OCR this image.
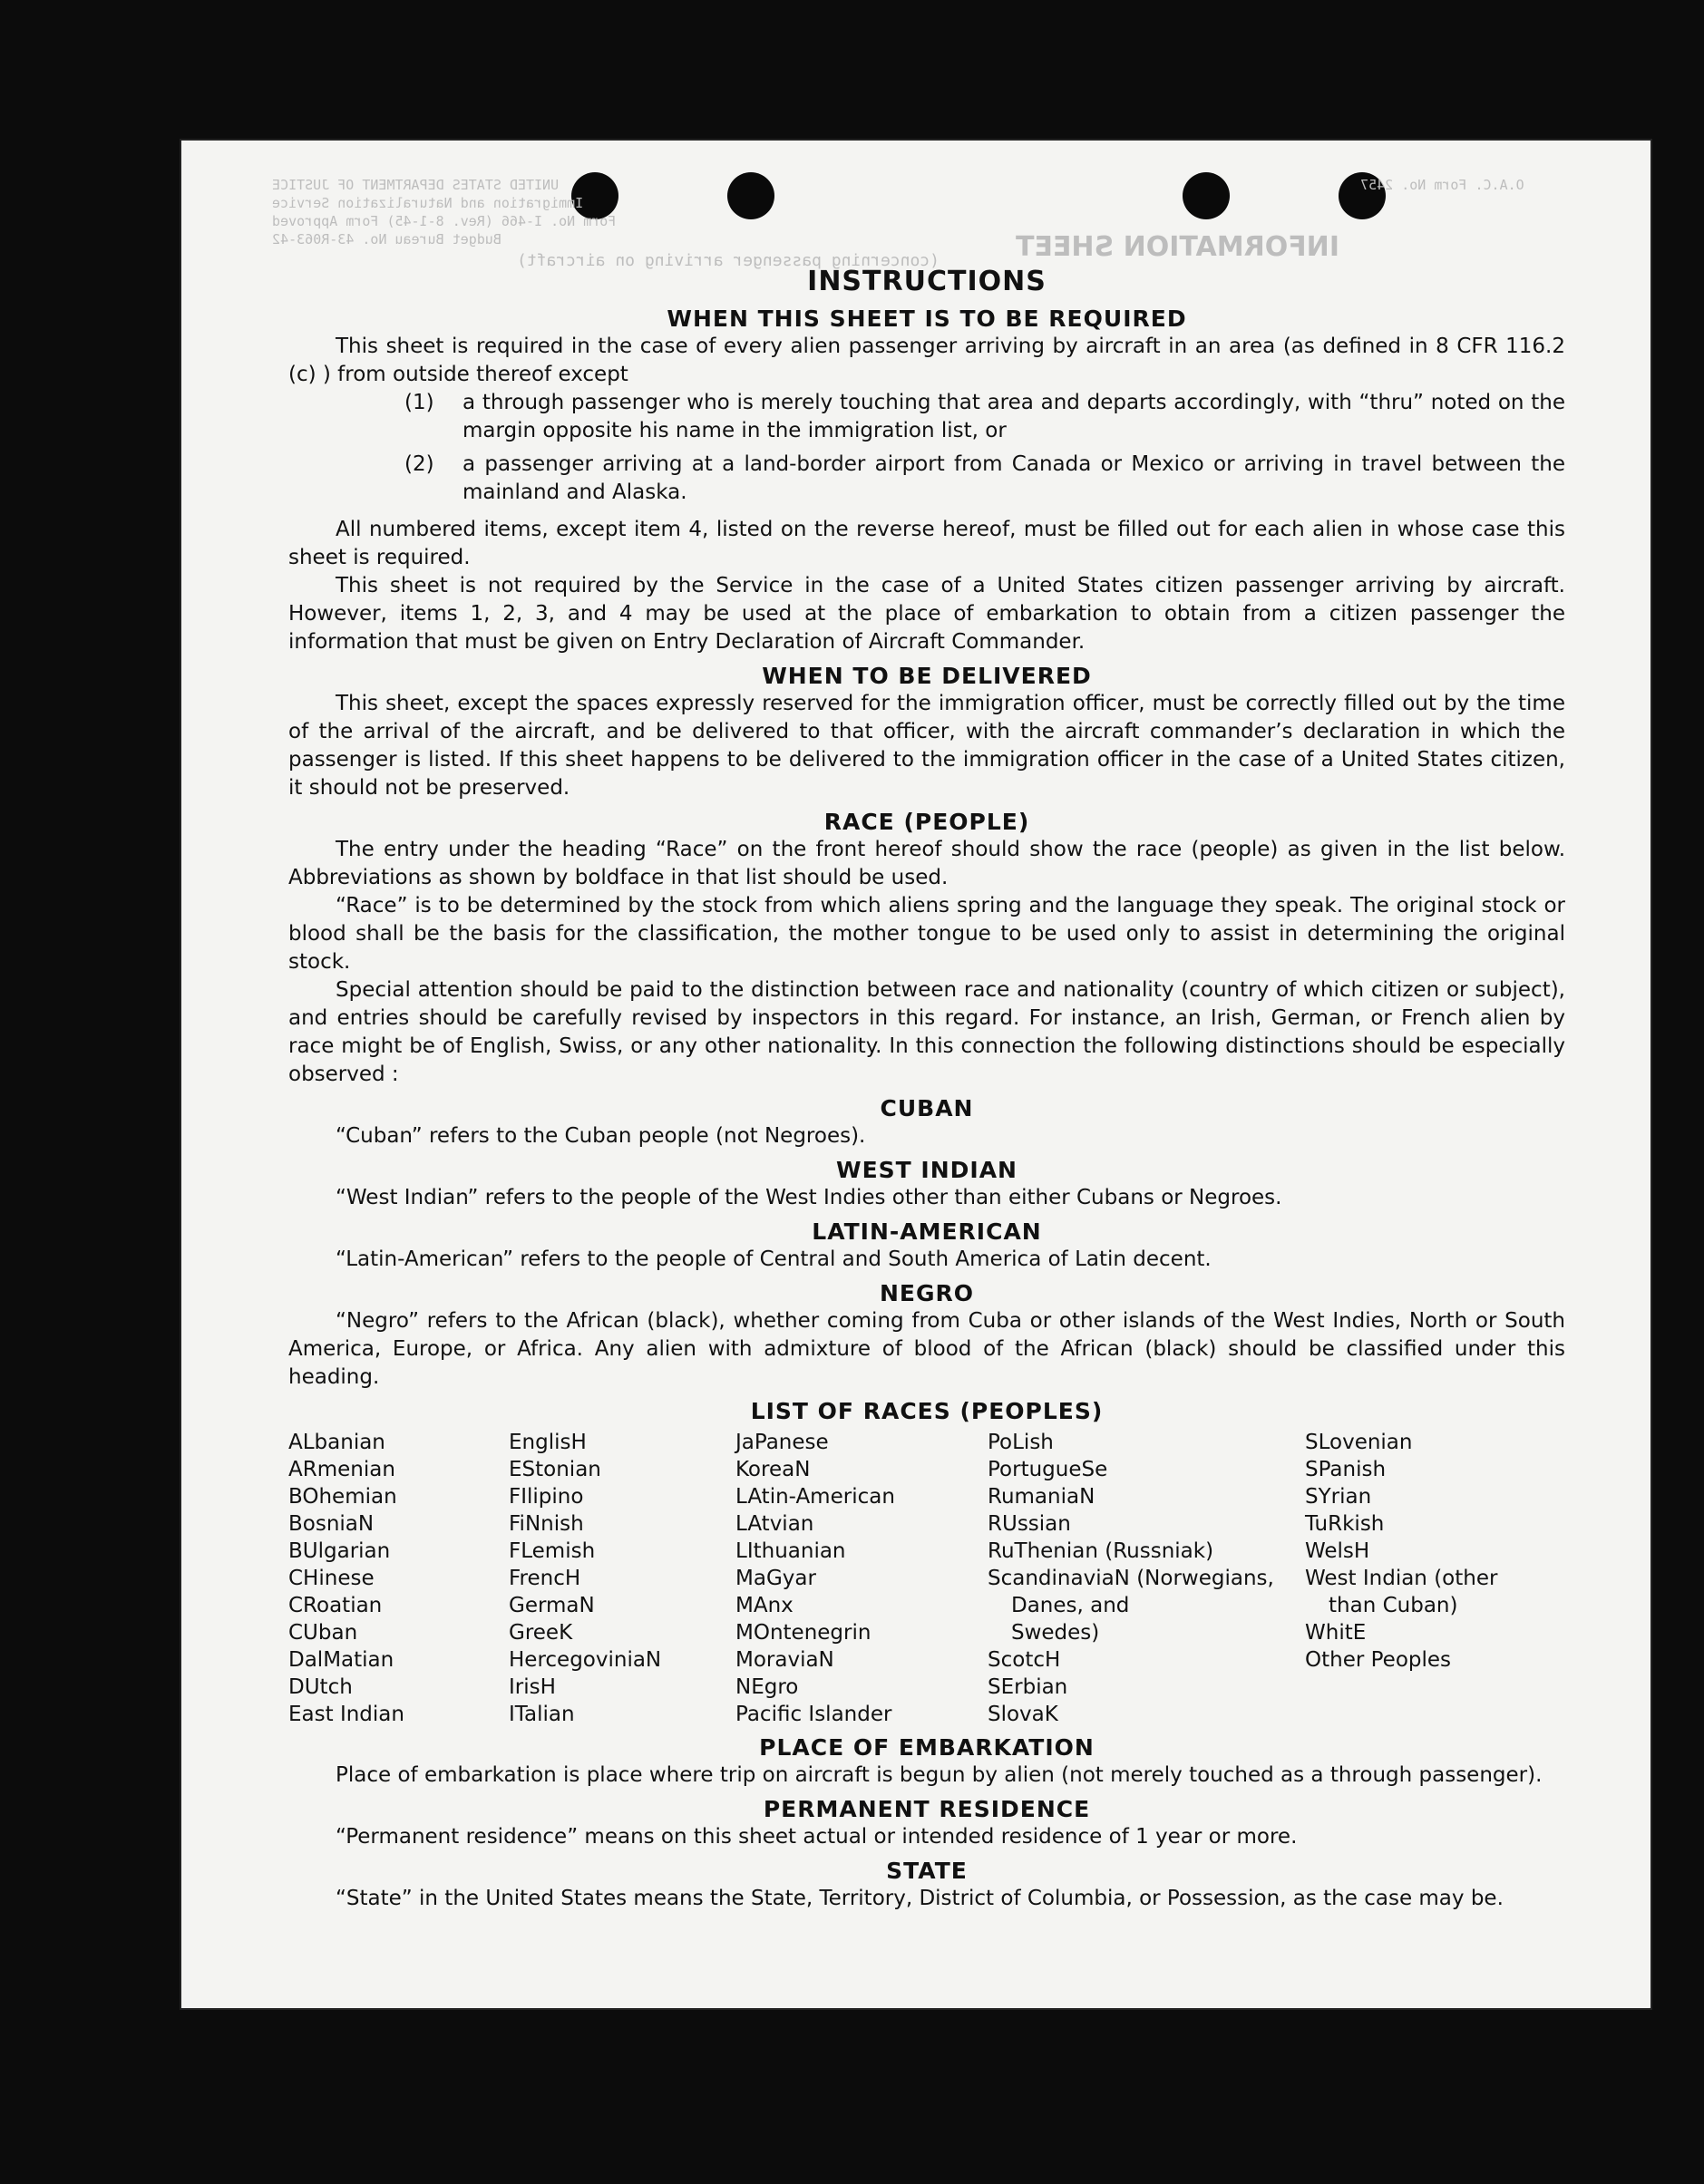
UNITED STATES DEPARTMENT OF JUSTICE
Immigration and Naturalization Service
Form No. I-466 (Rev. 8-1-45) Form Approved
Budget Bureau No. 43-R063-42
O.A.C. Form No. 2457
INFORMATION SHEET
(concerning passenger arriving on aircraft)
INSTRUCTIONS
WHEN THIS SHEET IS TO BE REQUIRED

This sheet is required in the case of every alien passenger arriving by aircraft in an area (as defined in 8 CFR 116.2 (c) ) from outside thereof except

(1)	a through passenger who is merely touching that area and departs accordingly, with “thru” noted on the margin opposite his name in the immigration list, or
(2)	a passenger arriving at a land-border airport from Canada or Mexico or arriving in travel between the mainland and Alaska.

All numbered items, except item 4, listed on the reverse hereof, must be filled out for each alien in whose case this sheet is required.

This sheet is not required by the Service in the case of a United States citizen passenger arriving by aircraft. However, items 1, 2, 3, and 4 may be used at the place of embarkation to obtain from a citizen passenger the information that must be given on Entry Declaration of Aircraft Commander.

WHEN TO BE DELIVERED

This sheet, except the spaces expressly reserved for the immigration officer, must be correctly filled out by the time of the arrival of the aircraft, and be delivered to that officer, with the aircraft commander’s declaration in which the passenger is listed. If this sheet happens to be delivered to the immigration officer in the case of a United States citizen, it should not be preserved.

RACE (PEOPLE)

The entry under the heading “Race” on the front hereof should show the race (people) as given in the list below. Abbreviations as shown by boldface in that list should be used.

“Race” is to be determined by the stock from which aliens spring and the language they speak. The original stock or blood shall be the basis for the classification, the mother tongue to be used only to assist in determining the original stock.

Special attention should be paid to the distinction between race and nationality (country of which citizen or subject), and entries should be carefully revised by inspectors in this regard. For instance, an Irish, German, or French alien by race might be of English, Swiss, or any other nationality. In this connection the following distinctions should be especially observed :

CUBAN

“Cuban” refers to the Cuban people (not Negroes).

WEST INDIAN

“West Indian” refers to the people of the West Indies other than either Cubans or Negroes.

LATIN-AMERICAN

“Latin-American” refers to the people of Central and South America of Latin decent.

NEGRO

“Negro” refers to the African (black), whether coming from Cuba or other islands of the West Indies, North or South America, Europe, or Africa. Any alien with admixture of blood of the African (black) should be classified under this heading.

LIST OF RACES (PEOPLES)
ALbanian
ARmenian
BOhemian
BosniaN
BUlgarian
CHinese
CRoatian
CUban
DalMatian
DUtch
East Indian
EnglisH
EStonian
FIlipino
FiNnish
FLemish
FrencH
GermaN
GreeK
HercegoviniaN
IrisH
ITalian
JaPanese
KoreaN
LAtin-American
LAtvian
LIthuanian
MaGyar
MAnx
MOntenegrin
MoraviaN
NEgro
Pacific Islander
PoLish
PortugueSe
RumaniaN
RUssian
RuThenian (Russniak)
ScandinaviaN (Norwegians,
Danes, and
Swedes)
ScotcH
SErbian
SlovaK
SLovenian
SPanish
SYrian
TuRkish
WelsH
West Indian (other
than Cuban)
WhitE
Other Peoples
PLACE OF EMBARKATION

Place of embarkation is place where trip on aircraft is begun by alien (not merely touched as a through passenger).

PERMANENT RESIDENCE

“Permanent residence” means on this sheet actual or intended residence of 1 year or more.

STATE

“State” in the United States means the State, Territory, District of Columbia, or Possession, as the case may be.
